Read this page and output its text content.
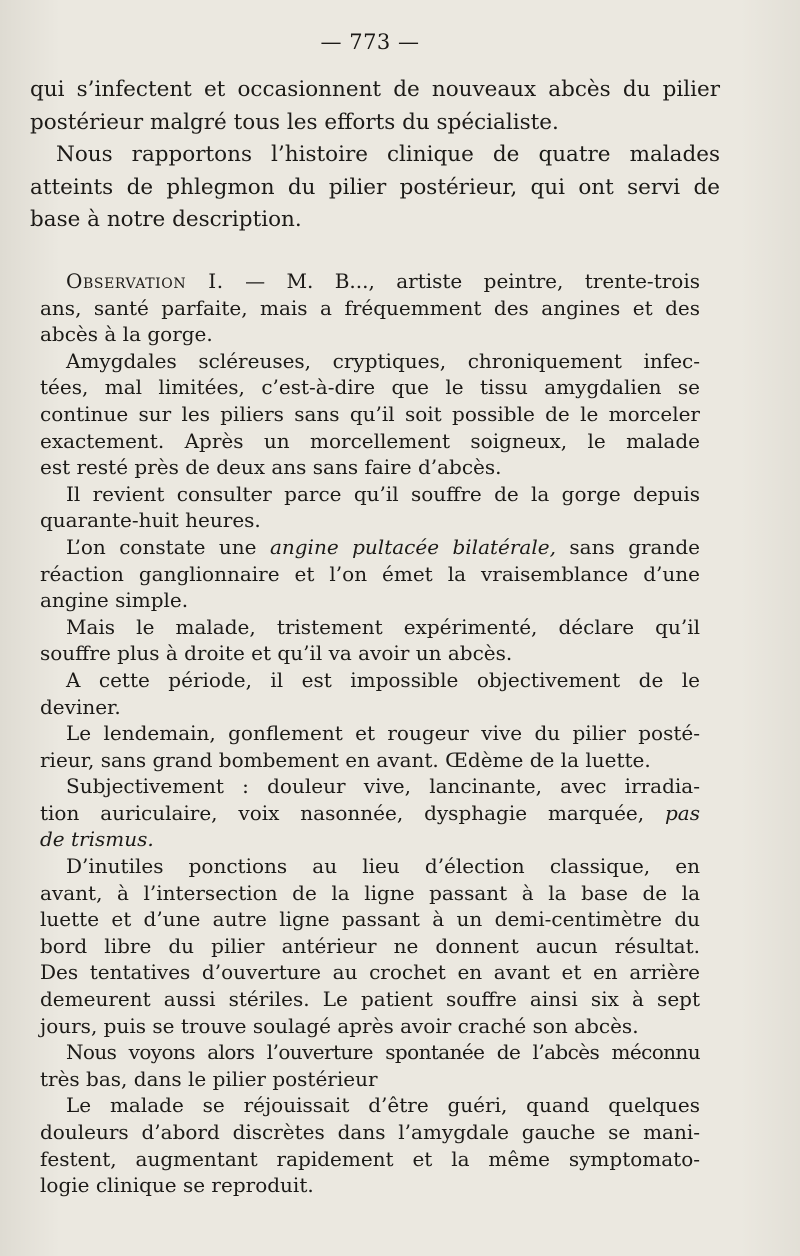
— 773 —

qui s’infectent et occasionnent de nouveaux abcès du pilier
postérieur malgré tous les efforts du spécialiste.

Nous rapportons l’histoire clinique de quatre malades
atteints de phlegmon du pilier postérieur, qui ont servi de
base à notre description.

Observation I. — M. B..., artiste peintre, trente-trois
ans, santé parfaite, mais a fréquemment des angines et des
abcès à la gorge.

Amygdales scléreuses, cryptiques, chroniquement infec-
tées, mal limitées, c’est-à-dire que le tissu amygdalien se
continue sur les piliers sans qu’il soit possible de le morceler
exactement. Après un morcellement soigneux, le malade
est resté près de deux ans sans faire d’abcès.

Il revient consulter parce qu’il souffre de la gorge depuis
quarante-huit heures.

L’on constate une angine pultacée bilatérale, sans grande
réaction ganglionnaire et l’on émet la vraisemblance d’une
angine simple.

Mais le malade, tristement expérimenté, déclare qu’il
souffre plus à droite et qu’il va avoir un abcès.

A cette période, il est impossible objectivement de le
deviner.

Le lendemain, gonflement et rougeur vive du pilier posté-
rieur, sans grand bombement en avant. Œdème de la luette.

Subjectivement : douleur vive, lancinante, avec irradia-
tion auriculaire, voix nasonnée, dysphagie marquée, pas
de trismus.

D’inutiles ponctions au lieu d’élection classique, en
avant, à l’intersection de la ligne passant à la base de la
luette et d’une autre ligne passant à un demi-centimètre du
bord libre du pilier antérieur ne donnent aucun résultat.
Des tentatives d’ouverture au crochet en avant et en arrière
demeurent aussi stériles. Le patient souffre ainsi six à sept
jours, puis se trouve soulagé après avoir craché son abcès.

Nous voyons alors l’ouverture spontanée de l’abcès méconnu
très bas, dans le pilier postérieur

Le malade se réjouissait d’être guéri, quand quelques
douleurs d’abord discrètes dans l’amygdale gauche se mani-
festent, augmentant rapidement et la même symptomato-
logie clinique se reproduit.
